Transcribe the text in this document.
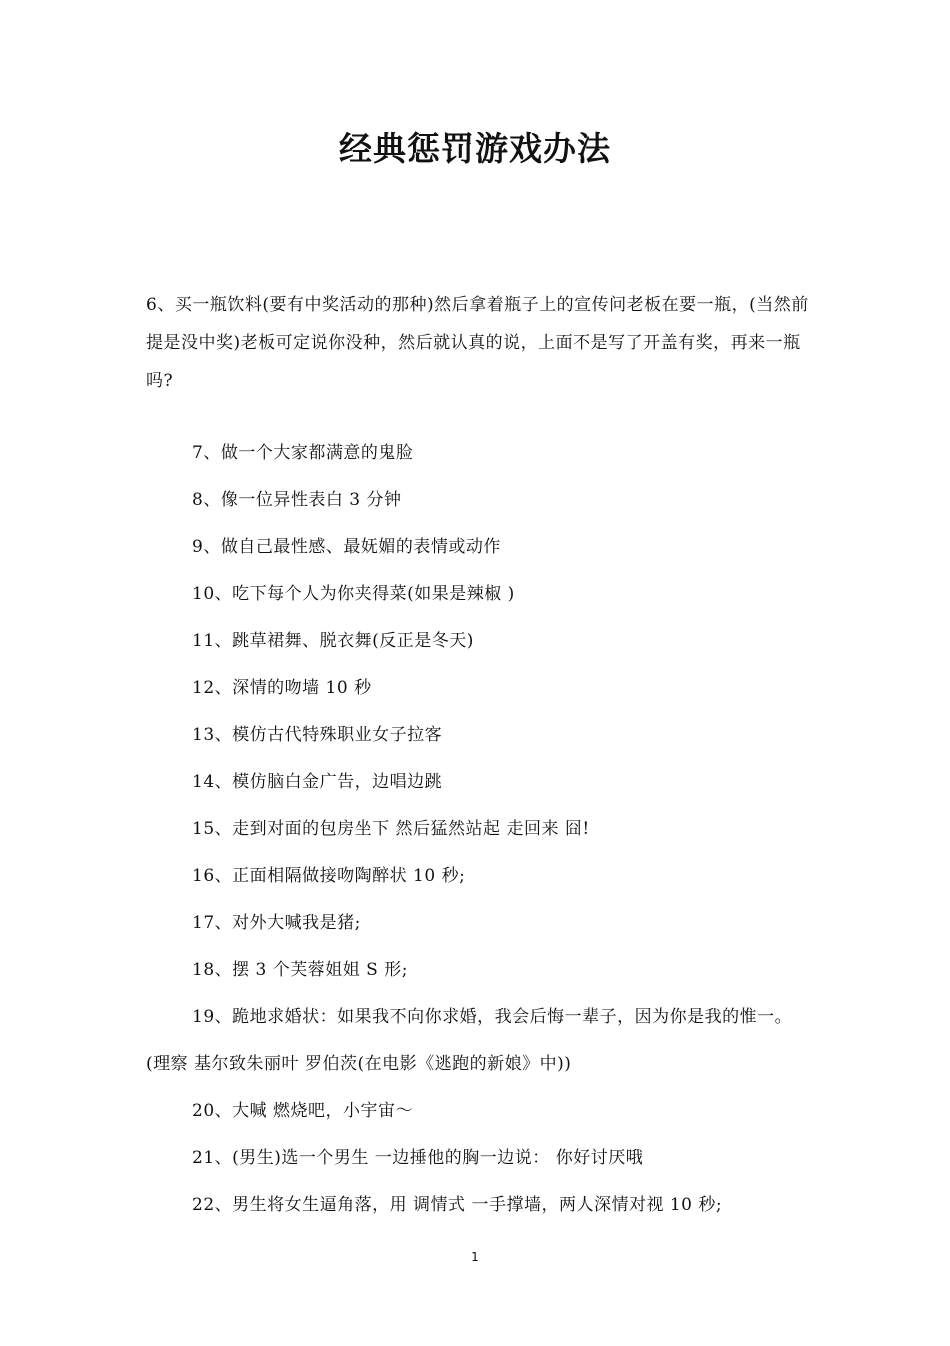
经典惩罚游戏办法
6、买一瓶饮料(要有中奖活动的那种)然后拿着瓶子上的宣传问老板在要一瓶，(当然前提是没中奖)老板可定说你没种，然后就认真的说，上面不是写了开盖有奖，再来一瓶吗?
7、做一个大家都满意的鬼脸
8、像一位异性表白 3 分钟
9、做自己最性感、最妩媚的表情或动作
10、吃下每个人为你夹得菜(如果是辣椒 )
11、跳草裙舞、脱衣舞(反正是冬天)
12、深情的吻墙 10 秒
13、模仿古代特殊职业女子拉客
14、模仿脑白金广告，边唱边跳
15、走到对面的包房坐下 然后猛然站起 走回来 囧!
16、正面相隔做接吻陶醉状 10 秒;
17、对外大喊我是猪;
18、摆 3 个芙蓉姐姐 S 形;
19、跪地求婚状：如果我不向你求婚，我会后悔一辈子，因为你是我的惟一。(理察 基尔致朱丽叶 罗伯茨(在电影《逃跑的新娘》中))
20、大喊 燃烧吧，小宇宙～
21、(男生)选一个男生 一边捶他的胸一边说： 你好讨厌哦
22、男生将女生逼角落，用 调情式 一手撑墙，两人深情对视 10 秒;
1
